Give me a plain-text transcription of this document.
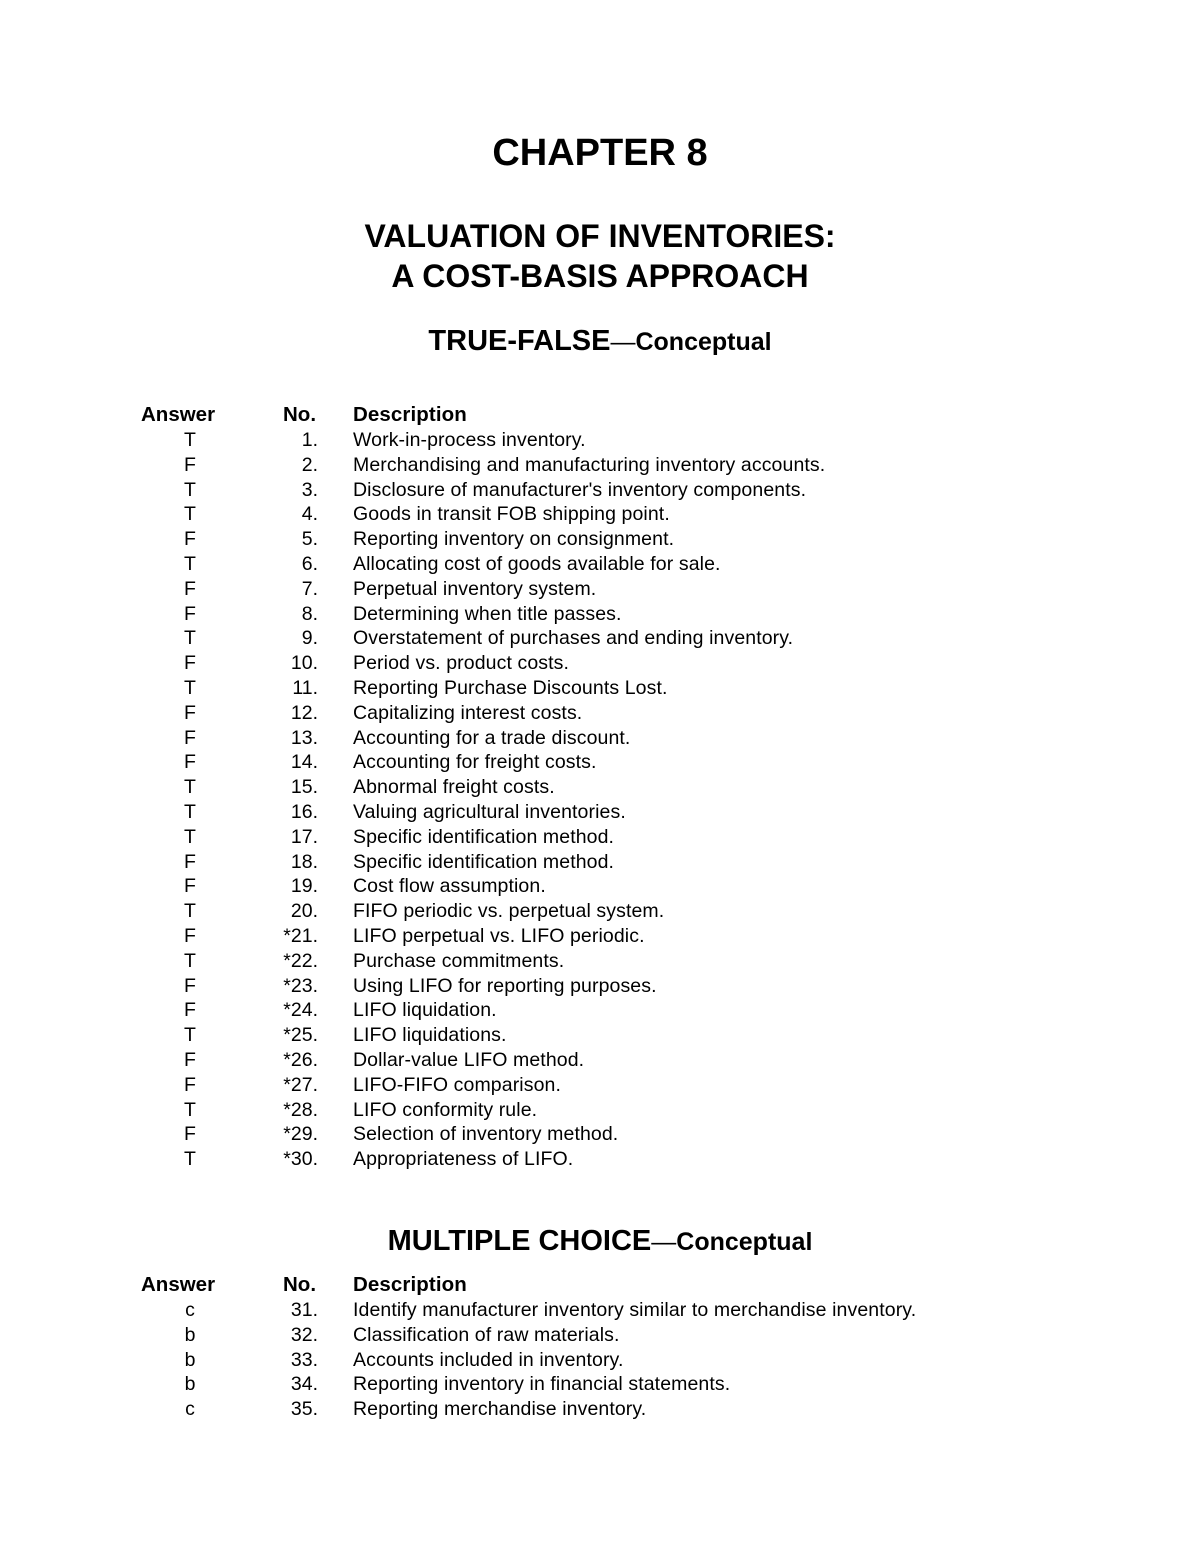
CHAPTER 8
VALUATION OF INVENTORIES:
A COST-BASIS APPROACH
TRUE-FALSE—Conceptual
Answer	No. Description
T	1. Work-in-process inventory.
F	2. Merchandising and manufacturing inventory accounts.
T	3. Disclosure of manufacturer's inventory components.
T	4. Goods in transit FOB shipping point.
F	5. Reporting inventory on consignment.
T	6. Allocating cost of goods available for sale.
F	7. Perpetual inventory system.
F	8. Determining when title passes.
T	9. Overstatement of purchases and ending inventory.
F	10. Period vs. product costs.
T	11. Reporting Purchase Discounts Lost.
F	12. Capitalizing interest costs.
F	13. Accounting for a trade discount.
F	14. Accounting for freight costs.
T	15. Abnormal freight costs.
T	16. Valuing agricultural inventories.
T	17. Specific identification method.
F	18. Specific identification method.
F	19. Cost flow assumption.
T	20. FIFO periodic vs. perpetual system.
F	*21. LIFO perpetual vs. LIFO periodic.
T	*22. Purchase commitments.
F	*23. Using LIFO for reporting purposes.
F	*24. LIFO liquidation.
T	*25. LIFO liquidations.
F	*26. Dollar-value LIFO method.
F	*27. LIFO-FIFO comparison.
T	*28. LIFO conformity rule.
F	*29. Selection of inventory method.
T	*30. Appropriateness of LIFO.
MULTIPLE CHOICE—Conceptual
Answer	No. Description
c	31. Identify manufacturer inventory similar to merchandise inventory.
b	32. Classification of raw materials.
b	33. Accounts included in inventory.
b	34. Reporting inventory in financial statements.
c	35. Reporting merchandise inventory.
